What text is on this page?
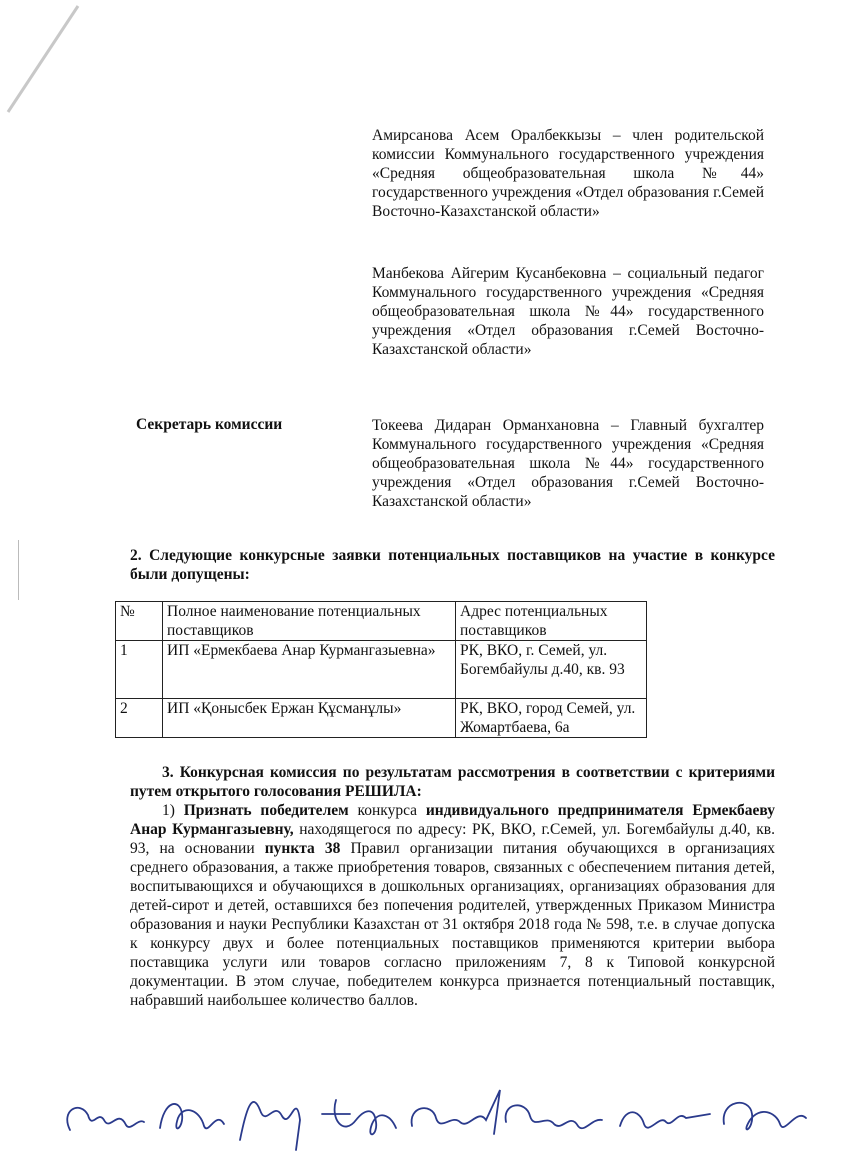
Амирсанова Асем Оралбеккызы – член родительской комиссии Коммунального государственного учреждения «Средняя общеобразовательная школа №44» государственного учреждения «Отдел образования г.Семей Восточно-Казахстанской области»
Манбекова Айгерим Кусанбековна – социальный педагог Коммунального государственного учреждения «Средняя общеобразовательная школа №44» государственного учреждения «Отдел образования г.Семей Восточно-Казахстанской области»
Секретарь комиссии	Токеева Дидаран Орманхановна – Главный бухгалтер Коммунального государственного учреждения «Средняя общеобразовательная школа №44» государственного учреждения «Отдел образования г.Семей Восточно-Казахстанской области»
2. Следующие конкурсные заявки потенциальных поставщиков на участие в конкурсе были допущены:
№	Полное наименование потенциальных поставщиков	Адрес потенциальных поставщиков
1	ИП «Ермекбаева Анар Курмангазыевна»	РК, ВКО, г. Семей, ул. Богембайулы д.40, кв. 93
2	ИП «Қонысбек Ержан Құсманұлы»	РК, ВКО, город Семей, ул. Жомартбаева, 6а
3. Конкурсная комиссия по результатам рассмотрения в соответствии с критериями путем открытого голосования РЕШИЛА:
1) Признать победителем конкурса индивидуального предпринимателя Ермекбаеву Анар Курмангазыевну, находящегося по адресу: РК, ВКО, г.Семей, ул. Богембайулы д.40, кв. 93, на основании пункта 38 Правил организации питания обучающихся в организациях среднего образования, а также приобретения товаров, связанных с обеспечением питания детей, воспитывающихся и обучающихся в дошкольных организациях, организациях образования для детей-сирот и детей, оставшихся без попечения родителей, утвержденных Приказом Министра образования и науки Республики Казахстан от 31 октября 2018 года № 598, т.е. в случае допуска к конкурсу двух и более потенциальных поставщиков применяются критерии выбора поставщика услуги или товаров согласно приложениям 7, 8 к Типовой конкурсной документации. В этом случае, победителем конкурса признается потенциальный поставщик, набравший наибольшее количество баллов.
